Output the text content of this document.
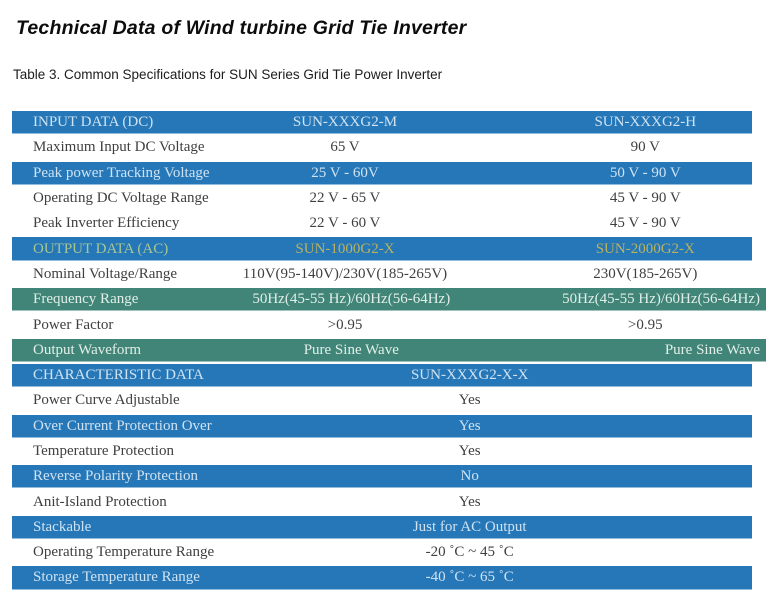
Technical Data of Wind turbine Grid Tie Inverter
Table 3. Common Specifications for SUN Series Grid Tie Power Inverter
INPUT DATA (DC)	SUN-XXXG2-M	SUN-XXXG2-H
Maximum Input DC Voltage	65 V	90 V
Peak power Tracking Voltage	25 V - 60V	50 V - 90 V
Operating DC Voltage Range	22 V - 65 V	45 V - 90 V
Peak Inverter Efficiency	22 V - 60 V	45 V - 90 V
OUTPUT DATA (AC)	SUN-1000G2-X	SUN-2000G2-X
Nominal Voltage/Range	110V(95-140V)/230V(185-265V)	230V(185-265V)
Frequency Range	50Hz(45-55 Hz)/60Hz(56-64Hz)	50Hz(45-55 Hz)/60Hz(56-64Hz)
Power Factor	>0.95	>0.95
Output Waveform	Pure Sine Wave	Pure Sine Wave
CHARACTERISTIC DATA	SUN-XXXG2-X-X
Power Curve Adjustable	Yes
Over Current Protection Over	Yes
Temperature Protection	Yes
Reverse Polarity Protection	No
Anit-Island Protection	Yes
Stackable	Just for AC Output
Operating Temperature Range	-20 ˚C ~ 45 ˚C
Storage Temperature Range	-40 ˚C ~ 65 ˚C
